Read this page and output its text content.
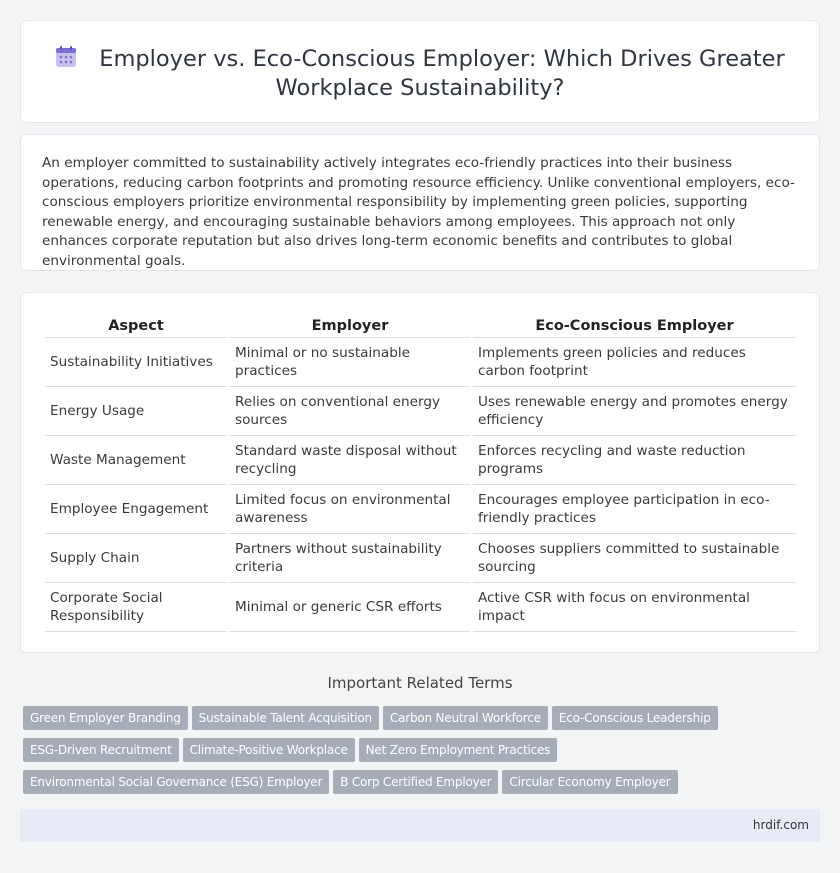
Employer vs. Eco-Conscious Employer: Which Drives Greater Workplace Sustainability?

An employer committed to sustainability actively integrates eco-friendly practices into their business operations, reducing carbon footprints and promoting resource efficiency. Unlike conventional employers, eco-conscious employers prioritize environmental responsibility by implementing green policies, supporting renewable energy, and encouraging sustainable behaviors among employees. This approach not only enhances corporate reputation but also drives long-term economic benefits and contributes to global environmental goals.

Aspect	Employer	Eco-Conscious Employer
Sustainability Initiatives	Minimal or no sustainable practices	Implements green policies and reduces carbon footprint
Energy Usage	Relies on conventional energy sources	Uses renewable energy and promotes energy efficiency
Waste Management	Standard waste disposal without recycling	Enforces recycling and waste reduction programs
Employee Engagement	Limited focus on environmental awareness	Encourages employee participation in eco-friendly practices
Supply Chain	Partners without sustainability criteria	Chooses suppliers committed to sustainable sourcing
Corporate Social Responsibility	Minimal or generic CSR efforts	Active CSR with focus on environmental impact
Important Related Terms
Green Employer Branding	Sustainable Talent Acquisition	Carbon Neutral Workforce	Eco-Conscious Leadership
ESG-Driven Recruitment	Climate-Positive Workplace	Net Zero Employment Practices
Environmental Social Governance (ESG) Employer	B Corp Certified Employer	Circular Economy Employer
hrdif.com
